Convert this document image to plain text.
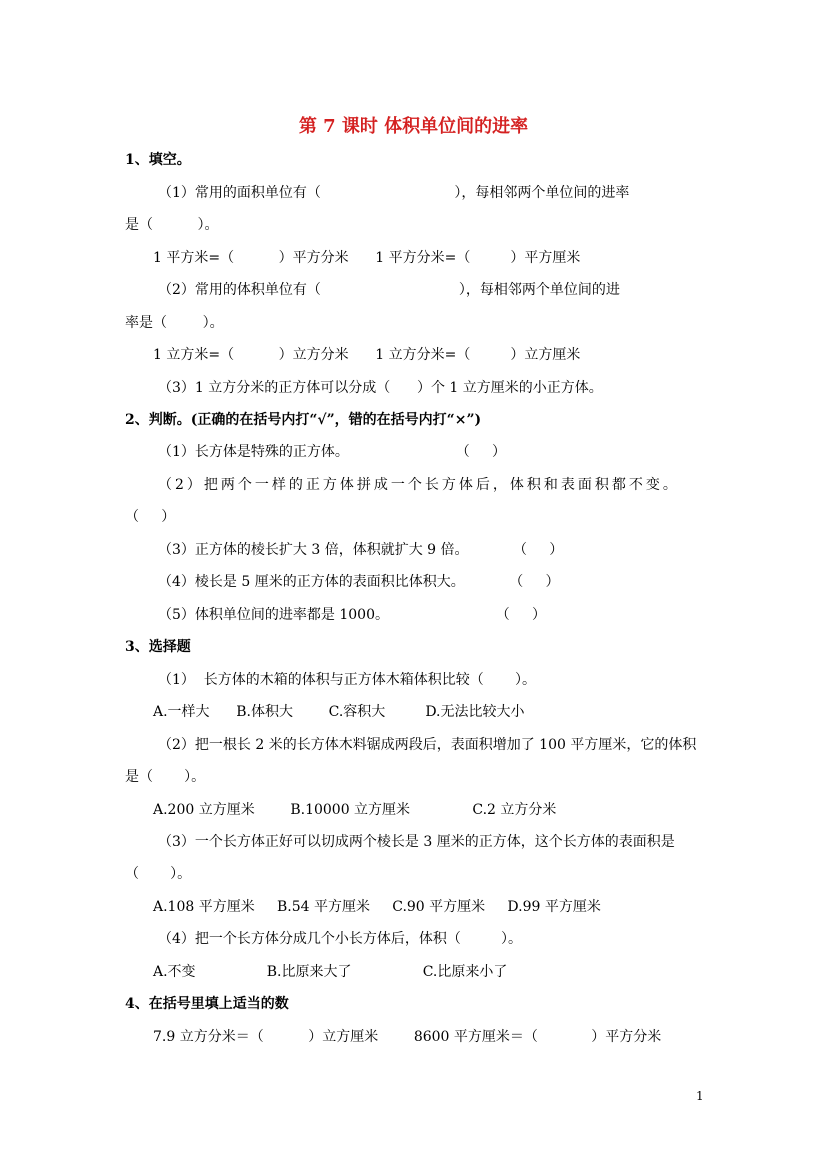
第 7 课时 体积单位间的进率
1、填空。
（1）常用的面积单位有（                              ），每相邻两个单位间的进率
是（          ）。
1 平方米=（          ）平方分米      1 平方分米=（         ）平方厘米
（2）常用的体积单位有（                               ），每相邻两个单位间的进
率是（        ）。
1 立方米=（          ）立方分米      1 立方分米=（         ）立方厘米
（3）1 立方分米的正方体可以分成（      ）个 1 立方厘米的小正方体。
2、判断。(正确的在括号内打“√”，错的在括号内打“×”)
（1）长方体是特殊的正方体。                        （     ）
（2）把两个一样的正方体拼成一个长方体后，体积和表面积都不变。
（     ）
（3）正方体的棱长扩大 3 倍，体积就扩大 9 倍。          （     ）
（4）棱长是 5 厘米的正方体的表面积比体积大。          （     ）
（5）体积单位间的进率都是 1000。                        （     ）
3、选择题
（1）  长方体的木箱的体积与正方体木箱体积比较（       ）。
A.一样大      B.体积大        C.容积大         D.无法比较大小
（2）把一根长 2 米的长方体木料锯成两段后，表面积增加了 100 平方厘米，它的体积
是（       ）。
A.200 立方厘米        B.10000 立方厘米              C.2 立方分米
（3）一个长方体正好可以切成两个棱长是 3 厘米的正方体，这个长方体的表面积是
（       ）。
A.108 平方厘米     B.54 平方厘米     C.90 平方厘米     D.99 平方厘米
（4）把一个长方体分成几个小长方体后，体积（         ）。
A.不变                B.比原来大了                C.比原来小了
4、在括号里填上适当的数
7.9 立方分米＝（          ）立方厘米        8600 平方厘米＝（            ）平方分米
1
